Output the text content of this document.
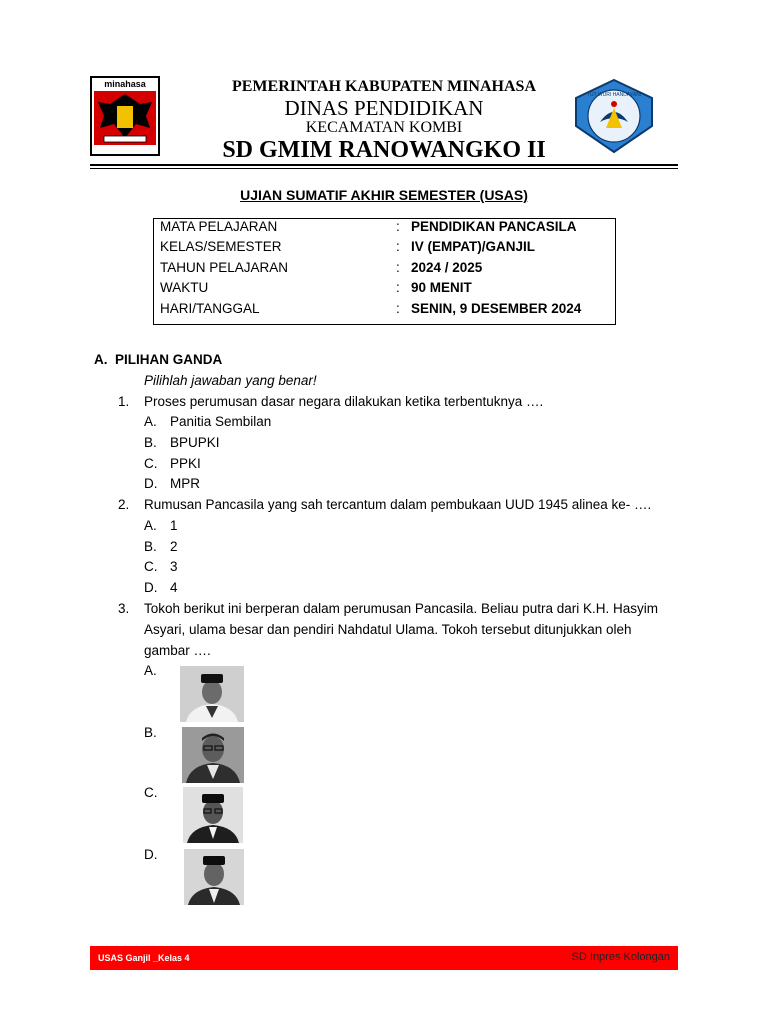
minahasa
TUT WURI HANDAYANI
PEMERINTAH KABUPATEN MINAHASA
DINAS PENDIDIKAN
KECAMATAN KOMBI
SD GMIM RANOWANGKO II
UJIAN SUMATIF AKHIR SEMESTER (USAS)
MATA PELAJARAN	: PENDIDIKAN PANCASILA
KELAS/SEMESTER	: IV (EMPAT)/GANJIL
TAHUN PELAJARAN	: 2024 / 2025
WAKTU	: 90 MENIT
HARI/TANGGAL	: SENIN, 9 DESEMBER 2024
A. PILIHAN GANDA
Pilihlah jawaban yang benar!
1. Proses perumusan dasar negara dilakukan ketika terbentuknya ….
A. Panitia Sembilan
B. BPUPKI
C. PPKI
D. MPR
2. Rumusan Pancasila yang sah tercantum dalam pembukaan UUD 1945 alinea ke- ….
A. 1
B. 2
C. 3
D. 4
3. Tokoh berikut ini berperan dalam perumusan Pancasila. Beliau putra dari K.H. Hasyim
Asyari, ulama besar dan pendiri Nahdatul Ulama. Tokoh tersebut ditunjukkan oleh
gambar ….
A.
B.
C.
D.
USAS Ganjil _Kelas 4	SD Inpres Kolongan
